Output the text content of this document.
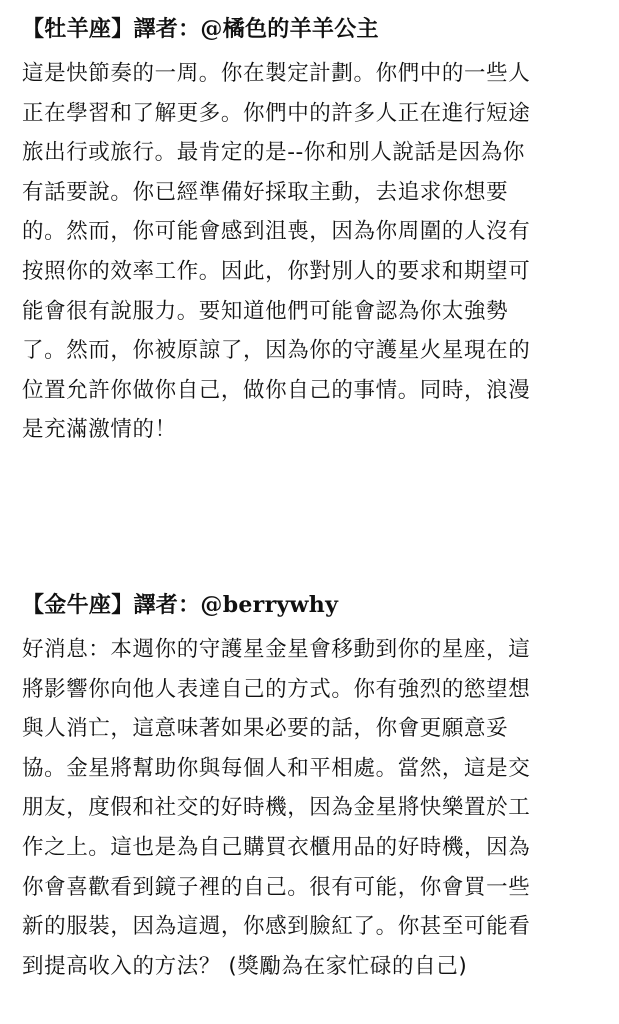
【牡羊座】譯者：@橘色的羊羊公主
這是快節奏的一周。你在製定計劃。你們中的一些人
正在學習和了解更多。你們中的許多人正在進行短途
旅出行或旅行。最肯定的是--你和別人說話是因為你
有話要說。你已經準備好採取主動，去追求你想要
的。然而，你可能會感到沮喪，因為你周圍的人沒有
按照你的效率工作。因此，你對別人的要求和期望可
能會很有說服力。要知道他們可能會認為你太強勢
了。然而，你被原諒了，因為你的守護星火星現在的
位置允許你做你自己，做你自己的事情。同時，浪漫
是充滿激情的！
【金牛座】譯者：@berrywhy
好消息：本週你的守護星金星會移動到你的星座，這
將影響你向他人表達自己的方式。你有強烈的慾望想
與人消亡，這意味著如果必要的話，你會更願意妥
協。金星將幫助你與每個人和平相處。當然，這是交
朋友，度假和社交的好時機，因為金星將快樂置於工
作之上。這也是為自己購買衣櫃用品的好時機，因為
你會喜歡看到鏡子裡的自己。很有可能，你會買一些
新的服裝，因為這週，你感到臉紅了。你甚至可能看
到提高收入的方法？ (獎勵為在家忙碌的自己)
